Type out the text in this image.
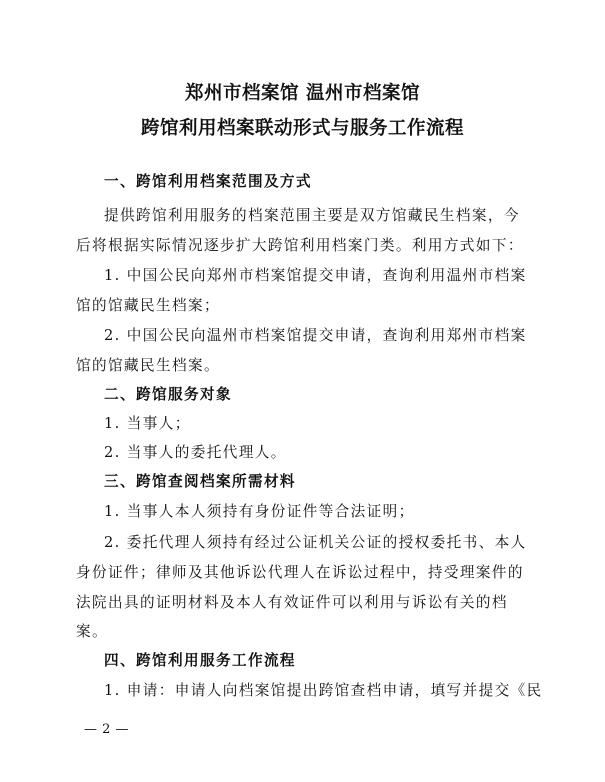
郑州市档案馆 温州市档案馆
跨馆利用档案联动形式与服务工作流程
一、跨馆利用档案范围及方式
提供跨馆利用服务的档案范围主要是双方馆藏民生档案，今
后将根据实际情况逐步扩大跨馆利用档案门类。利用方式如下：
1. 中国公民向郑州市档案馆提交申请，查询利用温州市档案
馆的馆藏民生档案；
2. 中国公民向温州市档案馆提交申请，查询利用郑州市档案
馆的馆藏民生档案。
二、跨馆服务对象
1. 当事人；
2. 当事人的委托代理人。
三、跨馆查阅档案所需材料
1. 当事人本人须持有身份证件等合法证明；
2. 委托代理人须持有经过公证机关公证的授权委托书、本人
身份证件；律师及其他诉讼代理人在诉讼过程中，持受理案件的
法院出具的证明材料及本人有效证件可以利用与诉讼有关的档
案。
四、跨馆利用服务工作流程
1. 申请：申请人向档案馆提出跨馆查档申请，填写并提交《民
— 2 —
